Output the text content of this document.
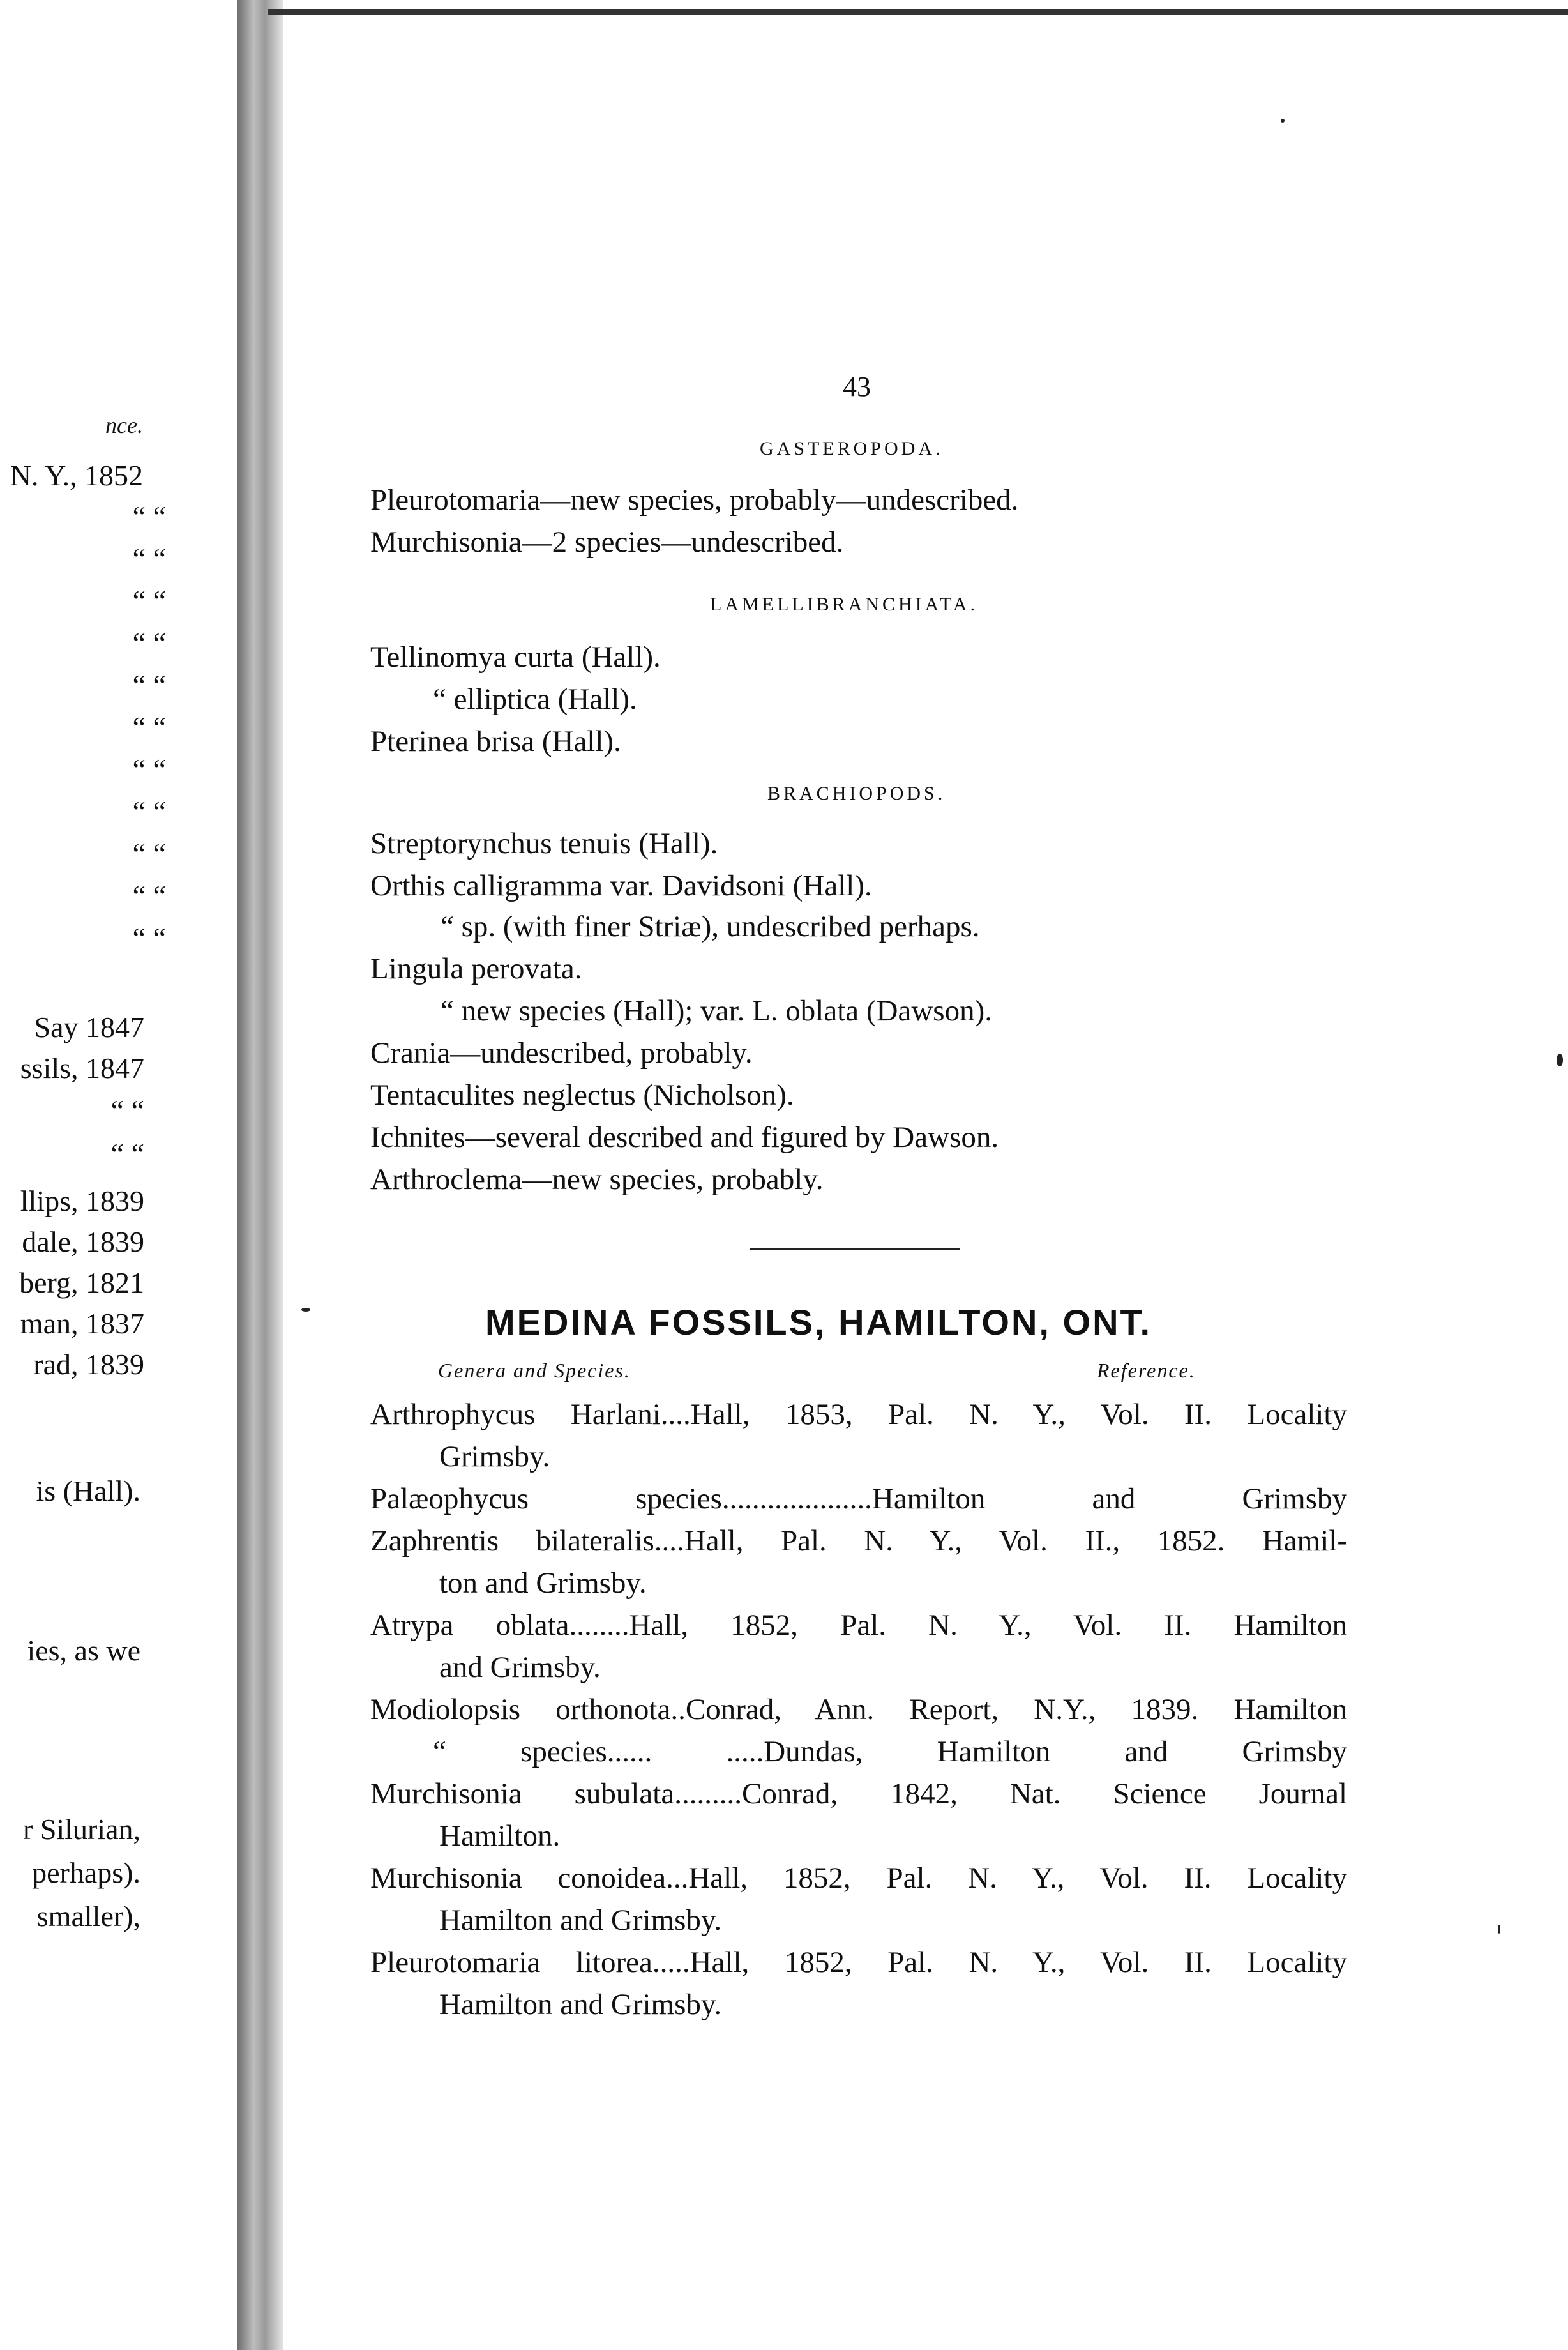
nce.
N. Y., 1852
“ “
“ “
“ “
“ “
“ “
“ “
“ “
“ “
“ “
“ “
“ “
Say 1847
ssils, 1847
“ “
“ “
llips, 1839
dale, 1839
berg, 1821
man, 1837
rad, 1839
is (Hall).
ies, as we
r Silurian,
perhaps).
smaller),
43
GASTEROPODA.
Pleurotomaria—new species, probably—undescribed.
Murchisonia—2 species—undescribed.
LAMELLIBRANCHIATA.
Tellinomya curta (Hall).
“ elliptica (Hall).
Pterinea brisa (Hall).
BRACHIOPODS.
Streptorynchus tenuis (Hall).
Orthis calligramma var. Davidsoni (Hall).
“ sp. (with finer Striæ), undescribed perhaps.
Lingula perovata.
“ new species (Hall); var. L. oblata (Dawson).
Crania—undescribed, probably.
Tentaculites neglectus (Nicholson).
Ichnites—several described and figured by Dawson.
Arthroclema—new species, probably.
MEDINA FOSSILS, HAMILTON, ONT.
Genera and Species.	Reference.
Arthrophycus Harlani....Hall, 1853, Pal. N. Y., Vol. II. Locality
Grimsby.
Palæophycus species....................Hamilton and Grimsby
Zaphrentis bilateralis....Hall, Pal. N. Y., Vol. II., 1852. Hamil-
ton and Grimsby.
Atrypa oblata........Hall, 1852, Pal. N. Y., Vol. II. Hamilton
and Grimsby.
Modiolopsis orthonota..Conrad, Ann. Report, N.Y., 1839. Hamilton
“ species...... .....Dundas, Hamilton and Grimsby
Murchisonia subulata.........Conrad, 1842, Nat. Science Journal
Hamilton.
Murchisonia conoidea...Hall, 1852, Pal. N. Y., Vol. II. Locality
Hamilton and Grimsby.
Pleurotomaria litorea.....Hall, 1852, Pal. N. Y., Vol. II. Locality
Hamilton and Grimsby.
